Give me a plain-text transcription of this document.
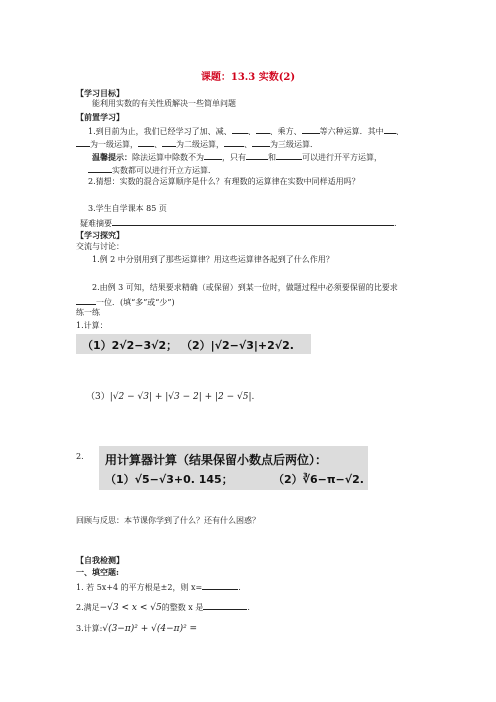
课题：13.3 实数(2)
【学习目标】
能利用实数的有关性质解决一些简单问题
【前置学习】
1.到目前为止，我们已经学习了加、减、 、 、乘方、 等六种运算．其中 、
为一级运算， 、 为二级运算，	、 为三级运算．
温馨提示：除法运算中除数不为 ，只有	和	可以进行开平方运算，
实数都可以进行开立方运算．
2.猜想：实数的混合运算顺序是什么？有理数的运算律在实数中同样适用吗？
3.学生自学课本 85 页
疑难摘要	.
【学习探究】
交流与讨论：
1.例 2 中分别用到了那些运算律？用这些运算律各起到了什么作用？
2.由例 3 可知，结果要求精确（或保留）到某一位时，做题过程中必须要保留的比要求
一位．(填“多”或“少”)
练一练
1.计算：
（1）2√2−3√2； （2）|√2−√3|+2√2.
（3）|√2 − √3| + |√3 − 2| + |2 − √5|.
2. 用计算器计算（结果保留小数点后两位）：
（1）√5−√3+0. 145；	（2）∛6−π−√2.
回顾与反思：本节课你学到了什么？还有什么困惑？
【自我检测】
一、填空题:
1. 若 5x+4 的平方根是±2，则 x=	.
2.满足−√3 < x < √5的整数 x 是	.
3.计算:√(3−π)² + √(4−π)² =
